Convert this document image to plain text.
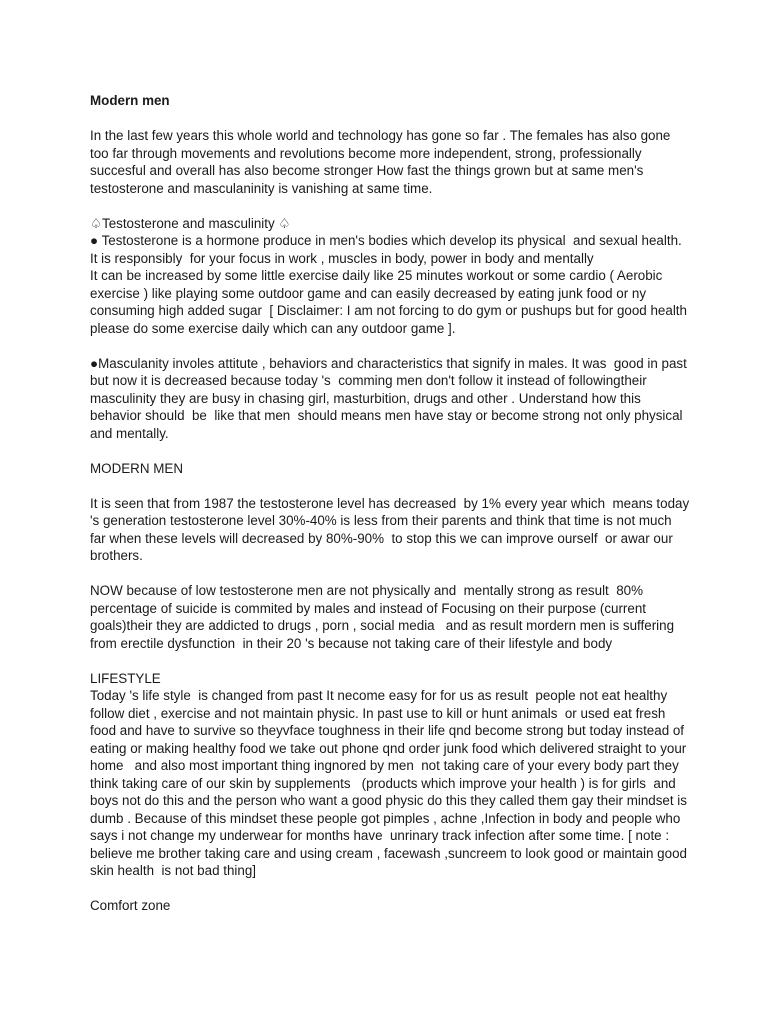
Modern men

In the last few years this whole world and technology has gone so far . The females has also gone too far through movements and revolutions become more independent, strong, professionally succesful and overall has also become stronger How fast the things grown but at same men's testosterone and masculaninity is vanishing at same time.

♤Testosterone and masculinity ♤

● Testosterone is a hormone produce in men's bodies which develop its physical  and sexual health. It is responsibly  for your focus in work , muscles in body, power in body and mentally
It can be increased by some little exercise daily like 25 minutes workout or some cardio ( Aerobic exercise ) like playing some outdoor game and can easily decreased by eating junk food or ny consuming high added sugar  [ Disclaimer: I am not forcing to do gym or pushups but for good health please do some exercise daily which can any outdoor game ].

●Masculanity involes attitute , behaviors and characteristics that signify in males. It was  good in past but now it is decreased because today 's  comming men don't follow it instead of followingtheir masculinity they are busy in chasing girl, masturbition, drugs and other . Understand how this behavior should  be  like that men  should means men have stay or become strong not only physical and mentally.

MODERN MEN

It is seen that from 1987 the testosterone level has decreased  by 1% every year which  means today 's generation testosterone level 30%-40% is less from their parents and think that time is not much far when these levels will decreased by 80%-90%  to stop this we can improve ourself  or awar our brothers.

NOW because of low testosterone men are not physically and  mentally strong as result  80% percentage of suicide is commited by males and instead of Focusing on their purpose (current goals)their they are addicted to drugs , porn , social media   and as result mordern men is suffering  from erectile dysfunction  in their 20 's because not taking care of their lifestyle and body

LIFESTYLE

Today 's life style  is changed from past It necome easy for for us as result  people not eat healthy  follow diet , exercise and not maintain physic. In past use to kill or hunt animals  or used eat fresh food and have to survive so theyvface toughness in their life qnd become strong but today instead of eating or making healthy food we take out phone qnd order junk food which delivered straight to your home   and also most important thing ingnored by men  not taking care of your every body part they think taking care of our skin by supplements   (products which improve your health ) is for girls  and boys not do this and the person who want a good physic do this they called them gay their mindset is  dumb . Because of this mindset these people got pimples , achne ,Infection in body and people who says i not change my underwear for months have  unrinary track infection after some time. [ note : believe me brother taking care and using cream , facewash ,suncreem to look good or maintain good skin health  is not bad thing]

Comfort zone
